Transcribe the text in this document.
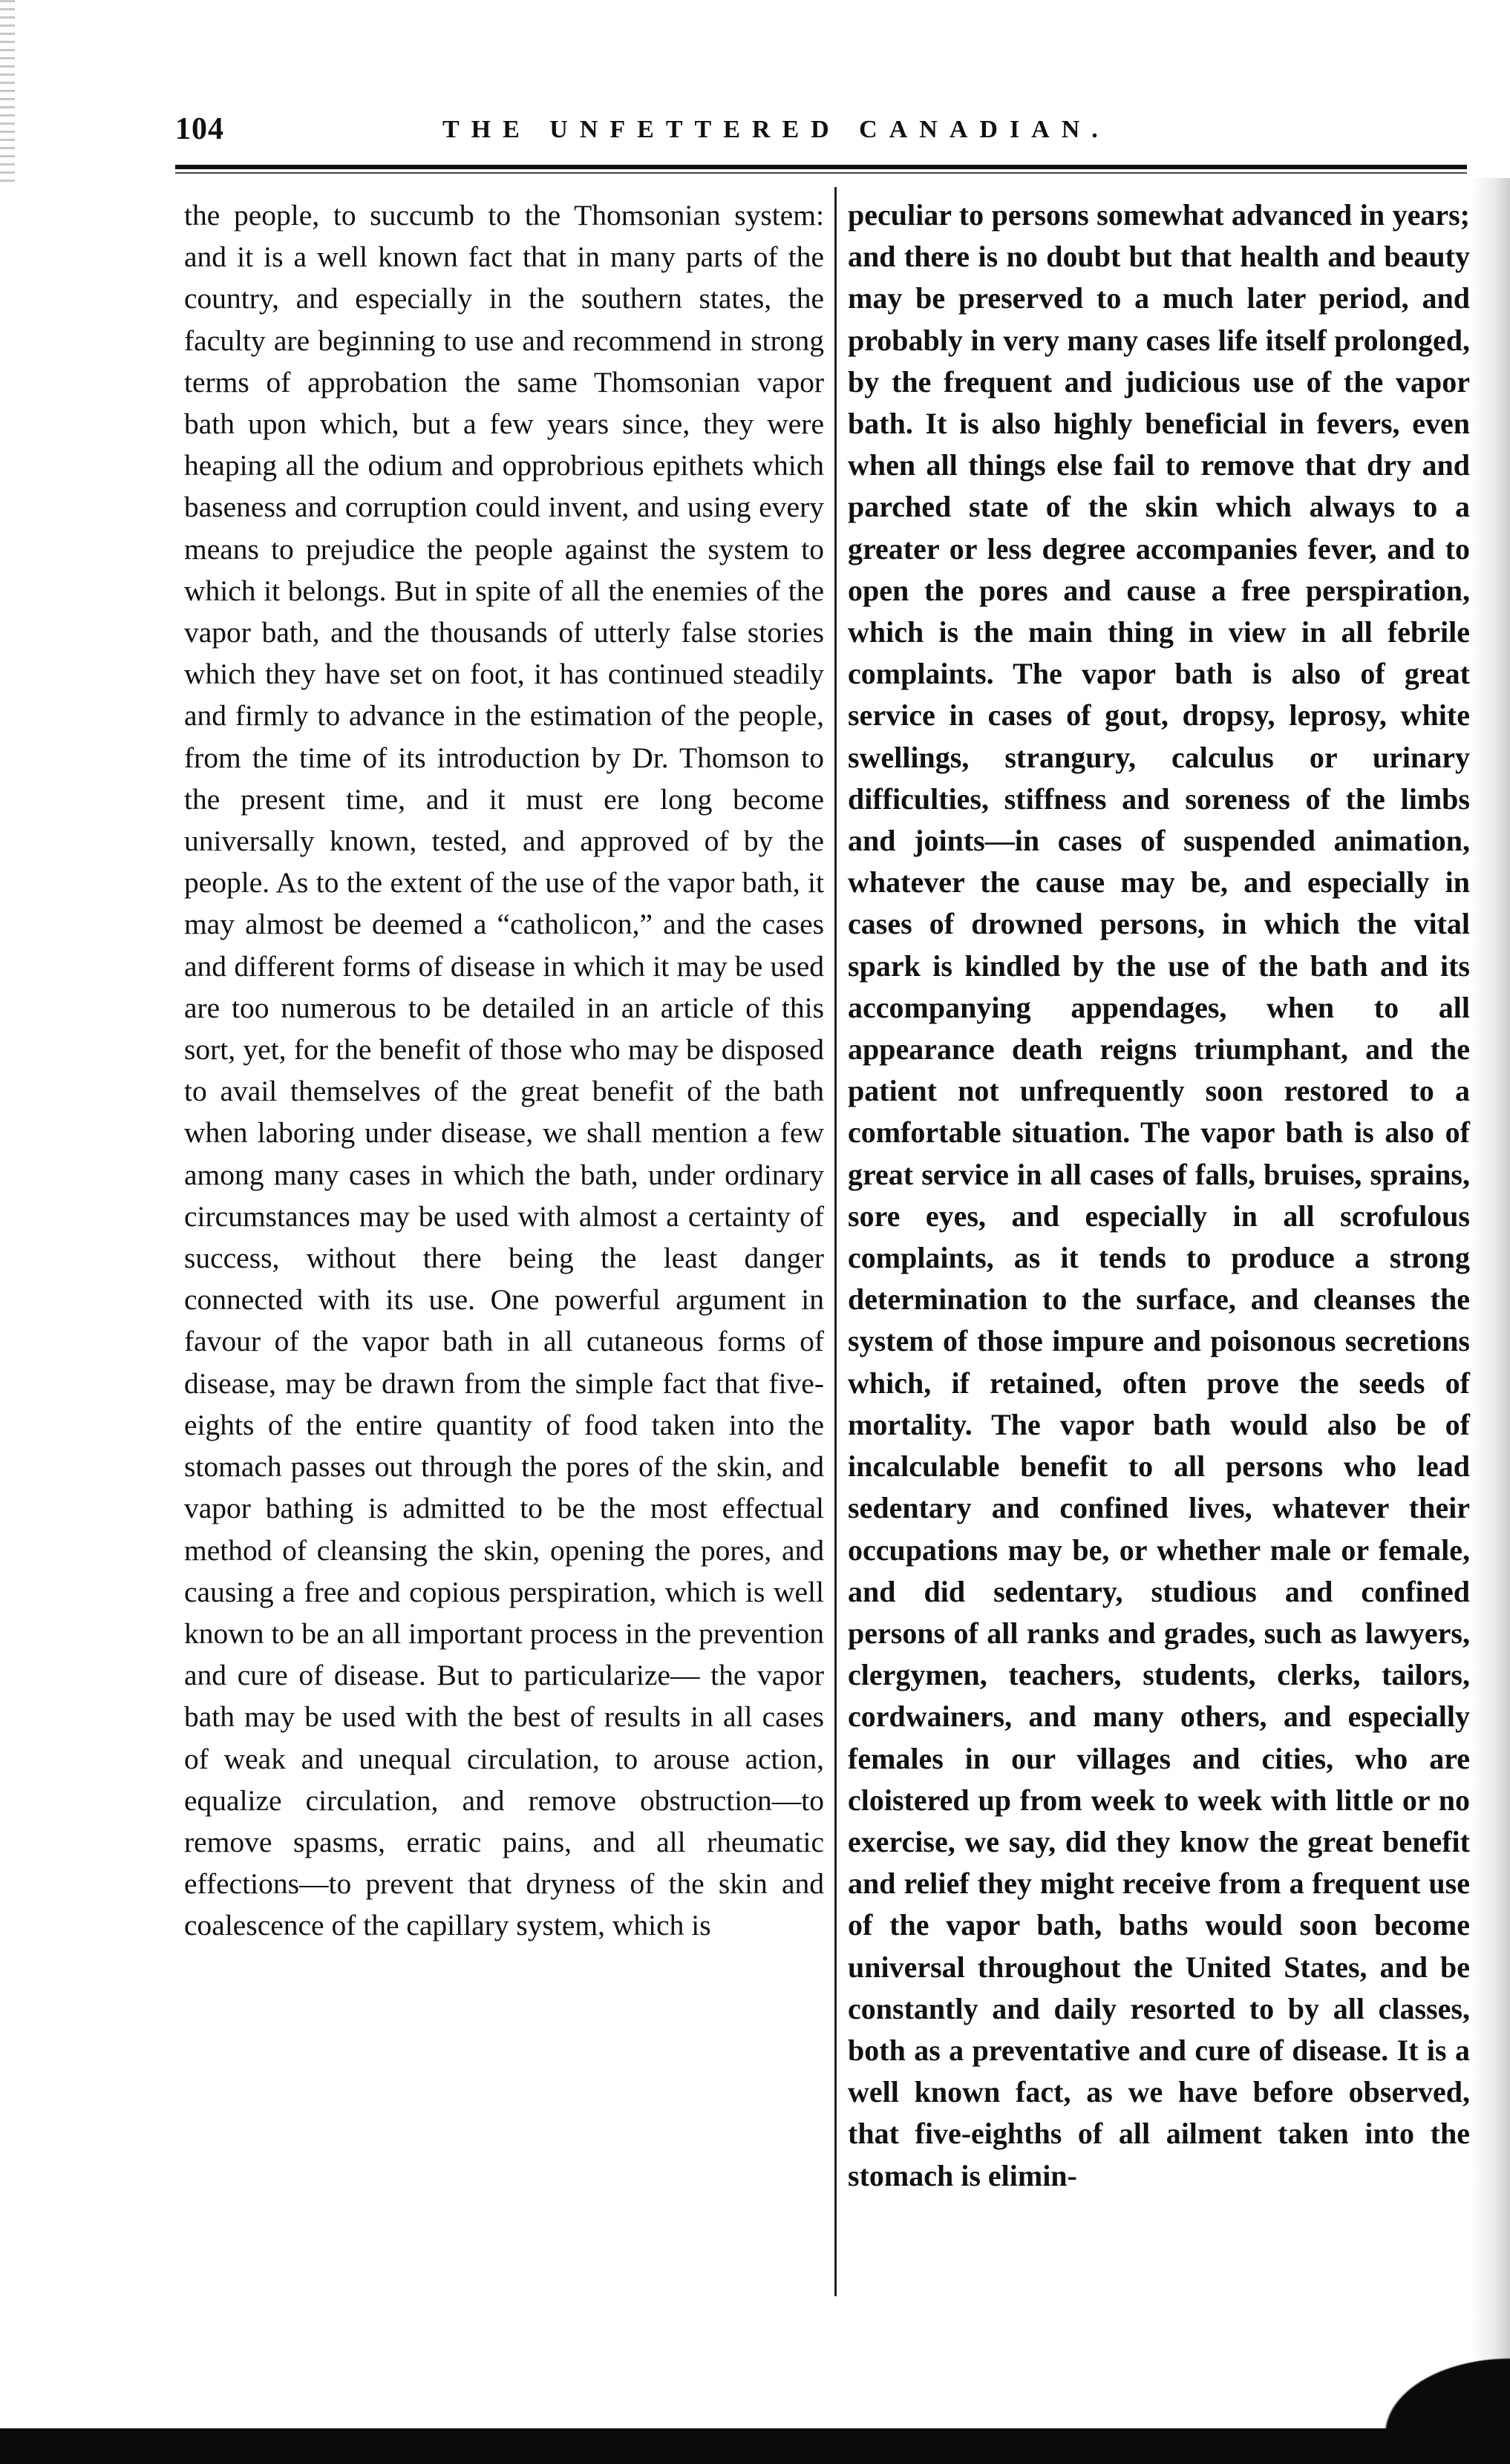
104	THE UNFETTERED CANADIAN.

the people, to succumb to the Thomsonian system: and it is a well known fact that in many parts of the country, and especially in the southern states, the faculty are beginning to use and recommend in strong terms of approbation the same Thomsonian vapor bath upon which, but a few years since, they were heaping all the odium and opprobrious epithets which baseness and corruption could invent, and using every means to prejudice the people against the system to which it belongs. But in spite of all the enemies of the vapor bath, and the thousands of utterly false stories which they have set on foot, it has continued steadily and firmly to advance in the estimation of the people, from the time of its introduction by Dr. Thomson to the present time, and it must ere long become universally known, tested, and approved of by the people. As to the extent of the use of the vapor bath, it may almost be deemed a “catholicon,” and the cases and different forms of disease in which it may be used are too numerous to be detailed in an article of this sort, yet, for the benefit of those who may be disposed to avail themselves of the great benefit of the bath when laboring under disease, we shall mention a few among many cases in which the bath, under ordinary circumstances may be used with almost a certainty of success, without there being the least danger connected with its use. One powerful argument in favour of the vapor bath in all cutaneous forms of disease, may be drawn from the simple fact that five-eights of the entire quantity of food taken into the stomach passes out through the pores of the skin, and vapor bathing is admitted to be the most effectual method of cleansing the skin, opening the pores, and causing a free and copious perspiration, which is well known to be an all important process in the prevention and cure of disease. But to particularize— the vapor bath may be used with the best of results in all cases of weak and unequal circulation, to arouse action, equalize circulation, and remove obstruction—to remove spasms, erratic pains, and all rheumatic effections—to prevent that dryness of the skin and coalescence of the capillary system, which is

peculiar to persons somewhat advanced in years; and there is no doubt but that health and beauty may be preserved to a much later period, and probably in very many cases life itself prolonged, by the frequent and judicious use of the vapor bath. It is also highly beneficial in fevers, even when all things else fail to remove that dry and parched state of the skin which always to a greater or less degree accompanies fever, and to open the pores and cause a free perspiration, which is the main thing in view in all febrile complaints. The vapor bath is also of great service in cases of gout, dropsy, leprosy, white swellings, strangury, calculus or urinary difficulties, stiffness and soreness of the limbs and joints—in cases of suspended animation, whatever the cause may be, and especially in cases of drowned persons, in which the vital spark is kindled by the use of the bath and its accompanying appendages, when to all appearance death reigns triumphant, and the patient not unfrequently soon restored to a comfortable situation. The vapor bath is also of great service in all cases of falls, bruises, sprains, sore eyes, and especially in all scrofulous complaints, as it tends to produce a strong determination to the surface, and cleanses the system of those impure and poisonous secretions which, if retained, often prove the seeds of mortality. The vapor bath would also be of incalculable benefit to all persons who lead sedentary and confined lives, whatever their occupations may be, or whether male or female, and did sedentary, studious and confined persons of all ranks and grades, such as lawyers, clergymen, teachers, students, clerks, tailors, cordwainers, and many others, and especially females in our villages and cities, who are cloistered up from week to week with little or no exercise, we say, did they know the great benefit and relief they might receive from a frequent use of the vapor bath, baths would soon become universal throughout the United States, and be constantly and daily resorted to by all classes, both as a preventative and cure of disease. It is a well known fact, as we have before observed, that five-eighths of all ailment taken into the stomach is elimin-
